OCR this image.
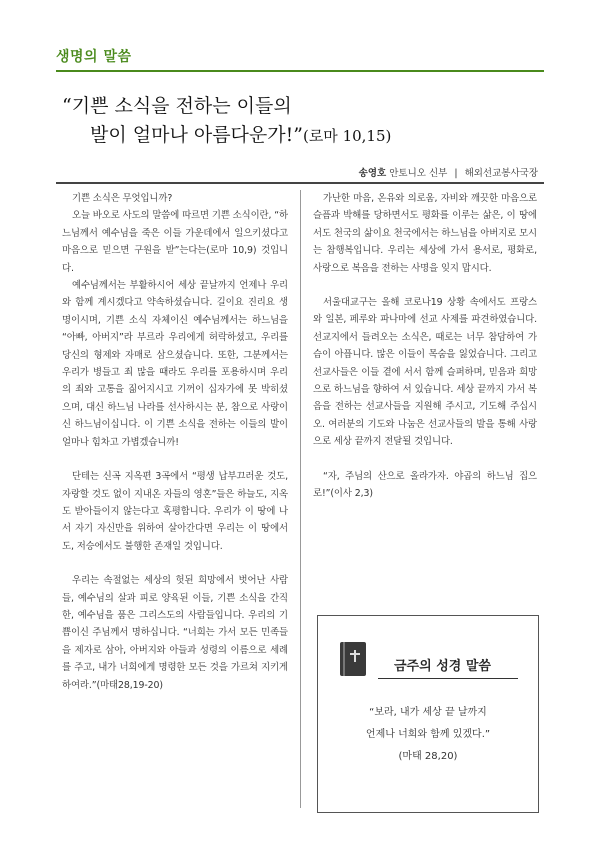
생명의 말씀
“기쁜 소식을 전하는 이들의
발이 얼마나 아름다운가!”(로마 10,15)
송영호 안토니오 신부 | 해외선교봉사국장

기쁜 소식은 무엇입니까?

오늘 바오로 사도의 말씀에 따르면 기쁜 소식이란, “하느님께서 예수님을 죽은 이들 가운데에서 일으키셨다고 마음으로 믿으면 구원을 받”는다는(로마 10,9) 것입니다.

예수님께서는 부활하시어 세상 끝날까지 언제나 우리와 함께 계시겠다고 약속하셨습니다. 길이요 진리요 생명이시며, 기쁜 소식 자체이신 예수님께서는 하느님을 “아빠, 아버지”라 부르라 우리에게 허락하셨고, 우리를 당신의 형제와 자매로 삼으셨습니다. 또한, 그분께서는 우리가 병들고 죄 많을 때라도 우리를 포용하시며 우리의 죄와 고통을 짊어지시고 기꺼이 십자가에 못 박히셨으며, 대신 하느님 나라를 선사하시는 분, 참으로 사랑이신 하느님이십니다. 이 기쁜 소식을 전하는 이들의 발이 얼마나 힘차고 가볍겠습니까!

단테는 신곡 지옥편 3곡에서 “평생 납부끄러운 것도, 자랑할 것도 없이 지내온 자들의 영혼”들은 하늘도, 지옥도 받아들이지 않는다고 혹평합니다. 우리가 이 땅에 나서 자기 자신만을 위하여 살아간다면 우리는 이 땅에서도, 저승에서도 불행한 존재일 것입니다.

우리는 속절없는 세상의 헛된 희망에서 벗어난 사람들, 예수님의 살과 피로 양육된 이들, 기쁜 소식을 간직한, 예수님을 품은 그리스도의 사람들입니다. 우리의 기쁨이신 주님께서 명하십니다. “너희는 가서 모든 민족들을 제자로 삼아, 아버지와 아들과 성령의 이름으로 세례를 주고, 내가 너희에게 명령한 모든 것을 가르쳐 지키게 하여라.”(마태28,19-20)

가난한 마음, 온유와 의로움, 자비와 깨끗한 마음으로 슬픔과 박해를 당하면서도 평화를 이루는 삶은, 이 땅에서도 천국의 삶이요 천국에서는 하느님을 아버지로 모시는 참행복입니다. 우리는 세상에 가서 용서로, 평화로, 사랑으로 복음을 전하는 사명을 잊지 맙시다.

서울대교구는 올해 코로나19 상황 속에서도 프랑스와 일본, 페루와 파나마에 선교 사제를 파견하였습니다. 선교지에서 들려오는 소식은, 때로는 너무 참담하여 가슴이 아픕니다. 많은 이들이 목숨을 잃었습니다. 그리고 선교사들은 이들 곁에 서서 함께 슬퍼하며, 믿음과 희망으로 하느님을 향하여 서 있습니다. 세상 끝까지 가서 복음을 전하는 선교사들을 지원해 주시고, 기도해 주십시오. 여러분의 기도와 나눔은 선교사들의 발을 통해 사랑으로 세상 끝까지 전달될 것입니다.

“자, 주님의 산으로 올라가자. 야곱의 하느님 집으로!”(이사 2,3)

금주의 성경 말씀
“보라, 내가 세상 끝 날까지
언제나 너희와 함께 있겠다.”
(마태 28,20)
